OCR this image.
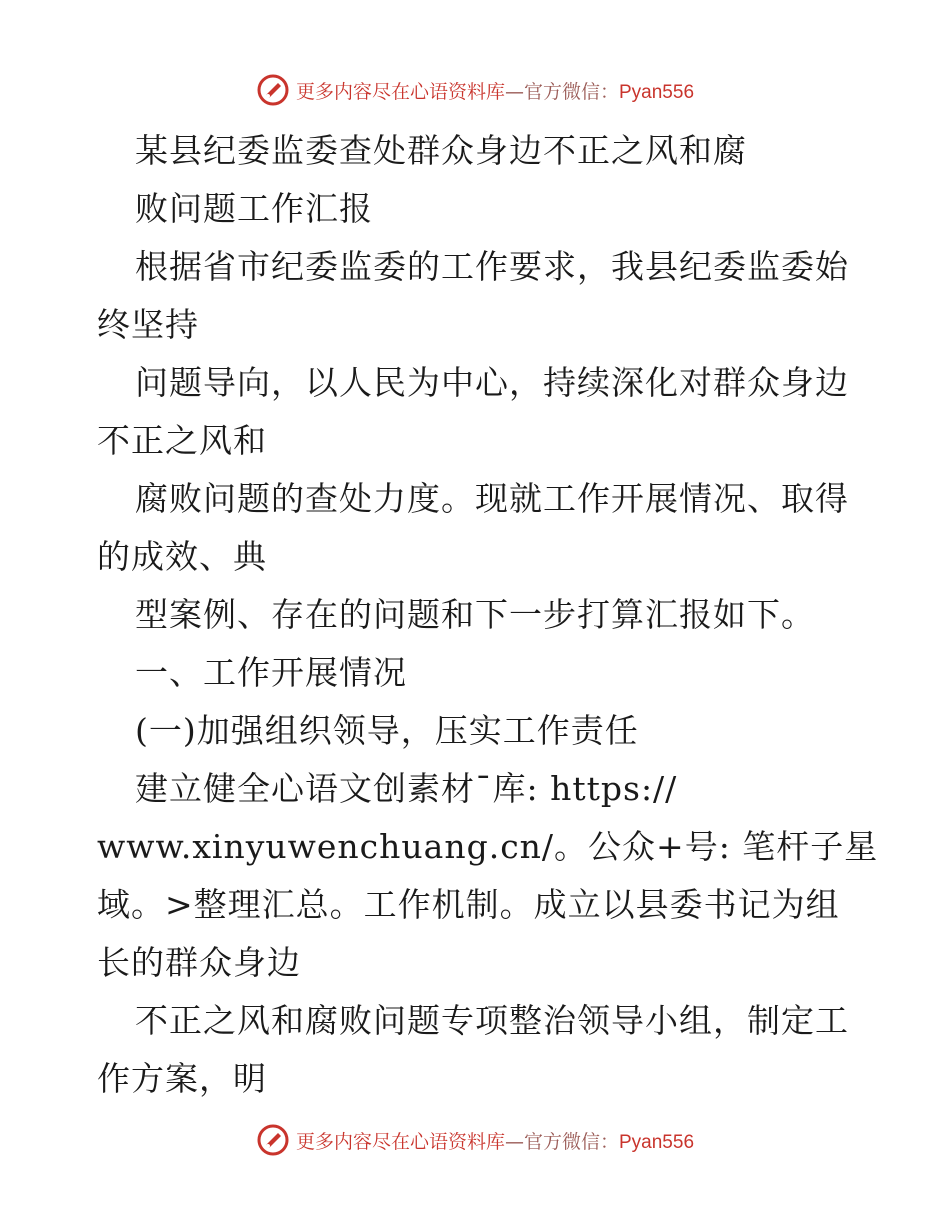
更多内容尽在心语资料库—官方微信：Pyan556
某县纪委监委查处群众身边不正之风和腐
败问题工作汇报
根据省市纪委监委的工作要求，我县纪委监委始
终坚持
问题导向，以人民为中心，持续深化对群众身边
不正之风和
腐败问题的查处力度。现就工作开展情况、取得
的成效、典
型案例、存在的问题和下一步打算汇报如下。
一、工作开展情况
(一)加强组织领导，压实工作责任
建立健全心语文创素材¯库: https://
www.xinyuwenchuang.cn/。公众+号: 笔杆子星
域。>整理汇总。工作机制。成立以县委书记为组
长的群众身边
不正之风和腐败问题专项整治领导小组，制定工
作方案，明
更多内容尽在心语资料库—官方微信：Pyan556
